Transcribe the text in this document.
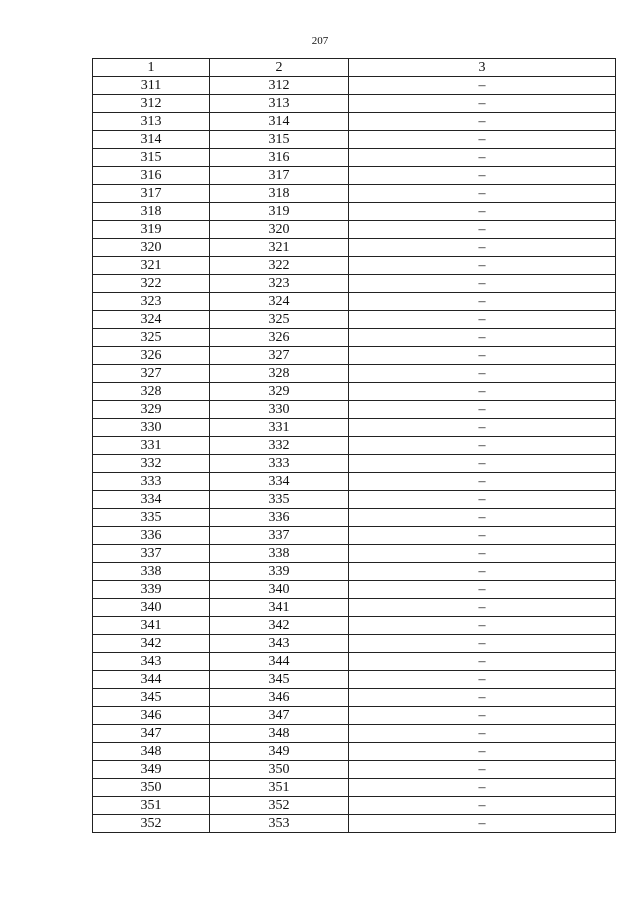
207
1	2	3
311	312	–
312	313	–
313	314	–
314	315	–
315	316	–
316	317	–
317	318	–
318	319	–
319	320	–
320	321	–
321	322	–
322	323	–
323	324	–
324	325	–
325	326	–
326	327	–
327	328	–
328	329	–
329	330	–
330	331	–
331	332	–
332	333	–
333	334	–
334	335	–
335	336	–
336	337	–
337	338	–
338	339	–
339	340	–
340	341	–
341	342	–
342	343	–
343	344	–
344	345	–
345	346	–
346	347	–
347	348	–
348	349	–
349	350	–
350	351	–
351	352	–
352	353	–
